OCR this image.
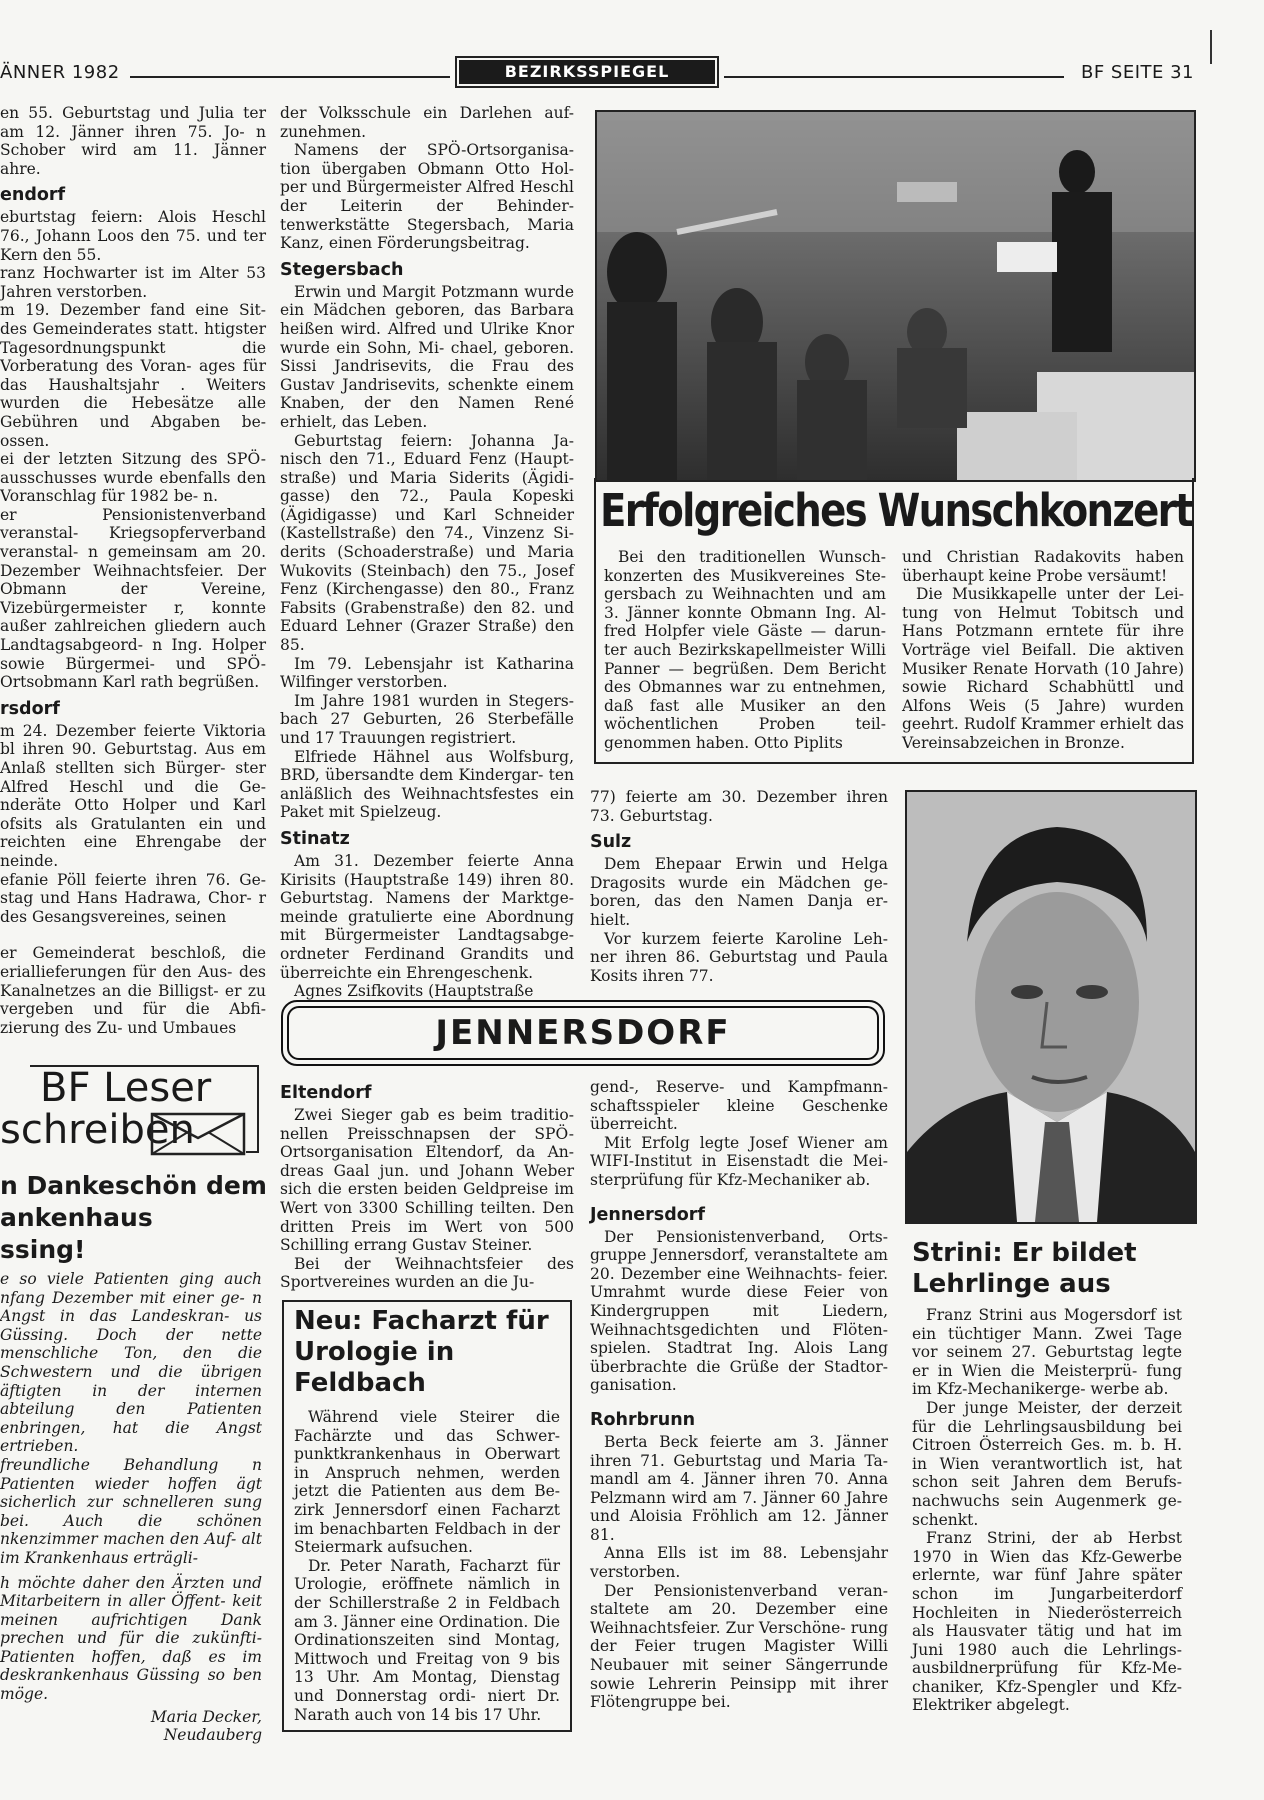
ÄNNER 1982	BEZIRKSSPIEGEL	BF SEITE 31

en 55. Geburtstag und Julia ter am 12. Jänner ihren 75. Jo- n Schober wird am 11. Jänner ahre.

endorf

eburtstag feiern: Alois Heschl 76., Johann Loos den 75. und ter Kern den 55.

ranz Hochwarter ist im Alter 53 Jahren verstorben.

m 19. Dezember fand eine Sit- des Gemeinderates statt. htigster Tagesordnungspunkt die Vorberatung des Voran- ages für das Haushaltsjahr . Weiters wurden die Hebesätze alle Gebühren und Abgaben be- ossen.

ei der letzten Sitzung des SPÖ- ausschusses wurde ebenfalls den Voranschlag für 1982 be- n.

er Pensionistenverband veranstal- Kriegsopferverband veranstal- n gemeinsam am 20. Dezember Weihnachtsfeier. Der Obmann der Vereine, Vizebürgermeister r, konnte außer zahlreichen gliedern auch Landtagsabgeord- n Ing. Holper sowie Bürgermei- und SPÖ-Ortsobmann Karl rath begrüßen.

rsdorf

m 24. Dezember feierte Viktoria bl ihren 90. Geburtstag. Aus em Anlaß stellten sich Bürger- ster Alfred Heschl und die Ge- nderäte Otto Holper und Karl ofsits als Gratulanten ein und reichten eine Ehrengabe der neinde.

efanie Pöll feierte ihren 76. Ge- stag und Hans Hadrawa, Chor- r des Gesangsvereines, seinen

er Gemeinderat beschloß, die eriallieferungen für den Aus- des Kanalnetzes an die Billigst- er zu vergeben und für die Abfi- zierung des Zu- und Umbaues

der Volksschule ein Darlehen auf- zunehmen.

Namens der SPÖ-Ortsorganisa- tion übergaben Obmann Otto Hol- per und Bürgermeister Alfred Heschl der Leiterin der Behinder- tenwerkstätte Stegersbach, Maria Kanz, einen Förderungsbeitrag.

Stegersbach

Erwin und Margit Potzmann wurde ein Mädchen geboren, das Barbara heißen wird. Alfred und Ulrike Knor wurde ein Sohn, Mi- chael, geboren. Sissi Jandrisevits, die Frau des Gustav Jandrisevits, schenkte einem Knaben, der den Namen René erhielt, das Leben.

Geburtstag feiern: Johanna Ja- nisch den 71., Eduard Fenz (Haupt- straße) und Maria Siderits (Ägidi- gasse) den 72., Paula Kopeski (Ägidigasse) und Karl Schneider (Kastellstraße) den 74., Vinzenz Si- derits (Schoaderstraße) und Maria Wukovits (Steinbach) den 75., Josef Fenz (Kirchengasse) den 80., Franz Fabsits (Grabenstraße) den 82. und Eduard Lehner (Grazer Straße) den 85.

Im 79. Lebensjahr ist Katharina Wilfinger verstorben.

Im Jahre 1981 wurden in Stegers- bach 27 Geburten, 26 Sterbefälle und 17 Trauungen registriert.

Elfriede Hähnel aus Wolfsburg, BRD, übersandte dem Kindergar- ten anläßlich des Weihnachtsfestes ein Paket mit Spielzeug.

Stinatz

Am 31. Dezember feierte Anna Kirisits (Hauptstraße 149) ihren 80. Geburtstag. Namens der Marktge- meinde gratulierte eine Abordnung mit Bürgermeister Landtagsabge- ordneter Ferdinand Grandits und überreichte ein Ehrengeschenk.

Agnes Zsifkovits (Hauptstraße

Erfolgreiches Wunschkonzert

Bei den traditionellen Wunsch- konzerten des Musikvereines Ste- gersbach zu Weihnachten und am 3. Jänner konnte Obmann Ing. Al- fred Holpfer viele Gäste — darun- ter auch Bezirkskapellmeister Willi Panner — begrüßen. Dem Bericht des Obmannes war zu entnehmen, daß fast alle Musiker an den wöchentlichen Proben teil- genommen haben. Otto Piplits

und Christian Radakovits haben überhaupt keine Probe versäumt!

Die Musikkapelle unter der Lei- tung von Helmut Tobitsch und Hans Potzmann erntete für ihre Vorträge viel Beifall. Die aktiven Musiker Renate Horvath (10 Jahre) sowie Richard Schabhüttl und Alfons Weis (5 Jahre) wurden geehrt. Rudolf Krammer erhielt das Vereinsabzeichen in Bronze.

77) feierte am 30. Dezember ihren 73. Geburtstag.

Sulz

Dem Ehepaar Erwin und Helga Dragosits wurde ein Mädchen ge- boren, das den Namen Danja er- hielt.

Vor kurzem feierte Karoline Leh- ner ihren 86. Geburtstag und Paula Kosits ihren 77.

JENNERSDORF
Eltendorf

Zwei Sieger gab es beim traditio- nellen Preisschnapsen der SPÖ- Ortsorganisation Eltendorf, da An- dreas Gaal jun. und Johann Weber sich die ersten beiden Geldpreise im Wert von 3300 Schilling teilten. Den dritten Preis im Wert von 500 Schilling errang Gustav Steiner.

Bei der Weihnachtsfeier des Sportvereines wurden an die Ju-

Neu: Facharzt für Urologie in Feldbach

Während viele Steirer die Fachärzte und das Schwer- punktkrankenhaus in Oberwart in Anspruch nehmen, werden jetzt die Patienten aus dem Be- zirk Jennersdorf einen Facharzt im benachbarten Feldbach in der Steiermark aufsuchen.

Dr. Peter Narath, Facharzt für Urologie, eröffnete nämlich in der Schillerstraße 2 in Feldbach am 3. Jänner eine Ordination. Die Ordinationszeiten sind Montag, Mittwoch und Freitag von 9 bis 13 Uhr. Am Montag, Dienstag und Donnerstag ordi- niert Dr. Narath auch von 14 bis 17 Uhr.

gend-, Reserve- und Kampfmann- schaftsspieler kleine Geschenke überreicht.

Mit Erfolg legte Josef Wiener am WIFI-Institut in Eisenstadt die Mei- sterprüfung für Kfz-Mechaniker ab.

Jennersdorf

Der Pensionistenverband, Orts- gruppe Jennersdorf, veranstaltete am 20. Dezember eine Weihnachts- feier. Umrahmt wurde diese Feier von Kindergruppen mit Liedern, Weihnachtsgedichten und Flöten- spielen. Stadtrat Ing. Alois Lang überbrachte die Grüße der Stadtor- ganisation.

Rohrbrunn

Berta Beck feierte am 3. Jänner ihren 71. Geburtstag und Maria Ta- mandl am 4. Jänner ihren 70. Anna Pelzmann wird am 7. Jänner 60 Jahre und Aloisia Fröhlich am 12. Jänner 81.

Anna Ells ist im 88. Lebensjahr verstorben.

Der Pensionistenverband veran- staltete am 20. Dezember eine Weihnachtsfeier. Zur Verschöne- rung der Feier trugen Magister Willi Neubauer mit seiner Sängerrunde sowie Lehrerin Peinsipp mit ihrer Flötengruppe bei.

Strini: Er bildet Lehrlinge aus

Franz Strini aus Mogersdorf ist ein tüchtiger Mann. Zwei Tage vor seinem 27. Geburtstag legte er in Wien die Meisterprü- fung im Kfz-Mechanikerge- werbe ab.

Der junge Meister, der derzeit für die Lehrlingsausbildung bei Citroen Österreich Ges. m. b. H. in Wien verantwortlich ist, hat schon seit Jahren dem Berufs- nachwuchs sein Augenmerk ge- schenkt.

Franz Strini, der ab Herbst 1970 in Wien das Kfz-Gewerbe erlernte, war fünf Jahre später schon im Jungarbeiterdorf Hochleiten in Niederösterreich als Hausvater tätig und hat im Juni 1980 auch die Lehrlings- ausbildnerprüfung für Kfz-Me- chaniker, Kfz-Spengler und Kfz- Elektriker abgelegt.

BF Leser
schreiben
n Dankeschön dem
ankenhaus
ssing!

e so viele Patienten ging auch nfang Dezember mit einer ge- n Angst in das Landeskran- us Güssing. Doch der nette menschliche Ton, den die Schwestern und die übrigen äftigten in der internen abteilung den Patienten enbringen, hat die Angst ertrieben.

freundliche Behandlung n Patienten wieder hoffen ägt sicherlich zur schnelleren sung bei. Auch die schönen nkenzimmer machen den Auf- alt im Krankenhaus erträgli-

h möchte daher den Ärzten und Mitarbeitern in aller Öffent- keit meinen aufrichtigen Dank prechen und für die zukünfti- Patienten hoffen, daß es im deskrankenhaus Güssing so ben möge.

Maria Decker,

Neudauberg
